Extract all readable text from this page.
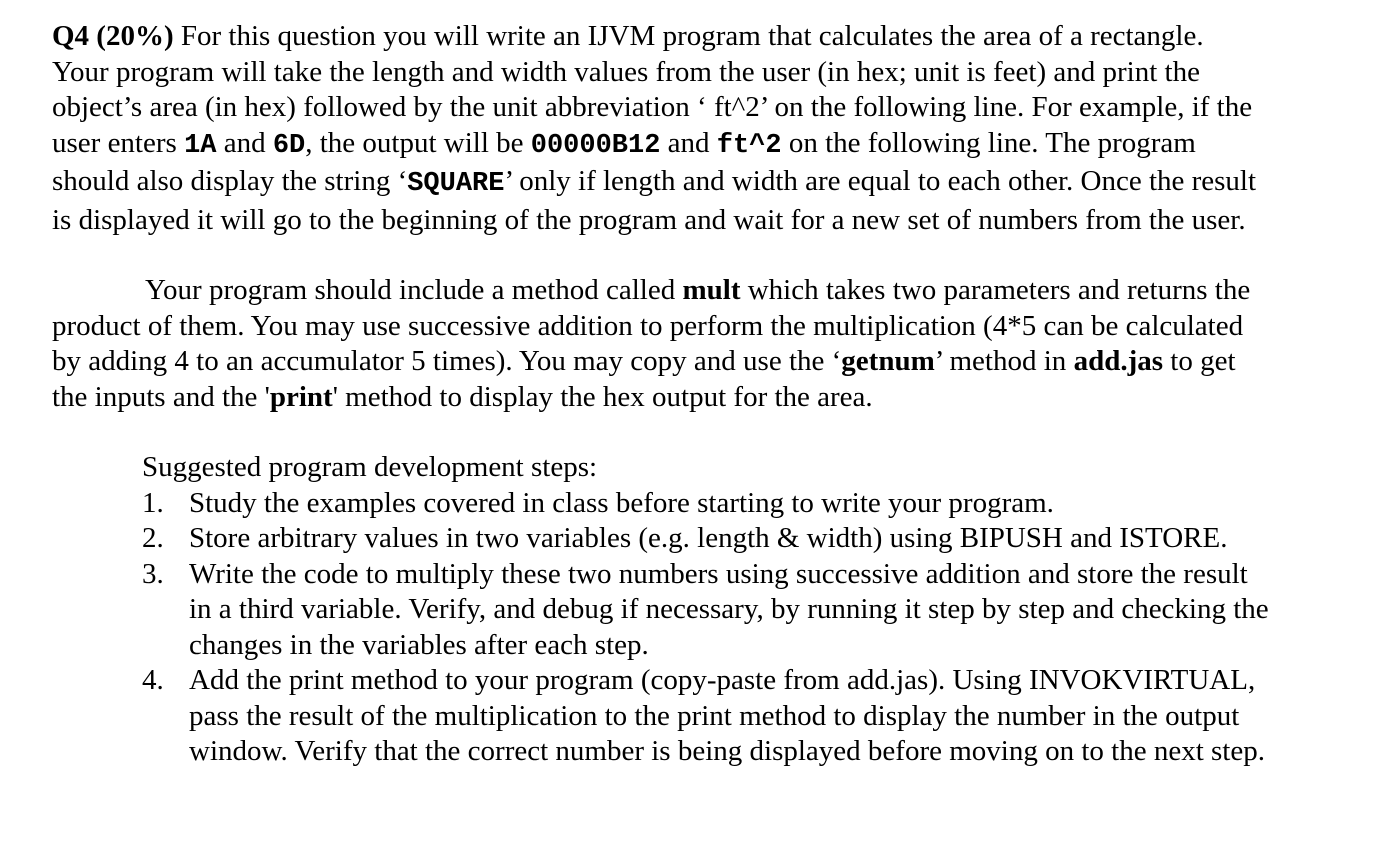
Q4 (20%) For this question you will write an IJVM program that calculates the area of a rectangle.
Your program will take the length and width values from the user (in hex; unit is feet) and print the
object’s area (in hex) followed by the unit abbreviation ‘ ft^2’ on the following line. For example, if the
user enters 1A and 6D, the output will be 00000B12 and ft^2 on the following line. The program
should also display the string ‘SQUARE’ only if length and width are equal to each other. Once the result
is displayed it will go to the beginning of the program and wait for a new set of numbers from the user.
Your program should include a method called mult which takes two parameters and returns the
product of them. You may use successive addition to perform the multiplication (4*5 can be calculated
by adding 4 to an accumulator 5 times). You may copy and use the ‘getnum’ method in add.jas to get
the inputs and the 'print' method to display the hex output for the area.
Suggested program development steps:
1. Study the examples covered in class before starting to write your program.
2. Store arbitrary values in two variables (e.g. length & width) using BIPUSH and ISTORE.
3. Write the code to multiply these two numbers using successive addition and store the result
in a third variable. Verify, and debug if necessary, by running it step by step and checking the
changes in the variables after each step.
4. Add the print method to your program (copy-paste from add.jas). Using INVOKVIRTUAL,
pass the result of the multiplication to the print method to display the number in the output
window. Verify that the correct number is being displayed before moving on to the next step.
